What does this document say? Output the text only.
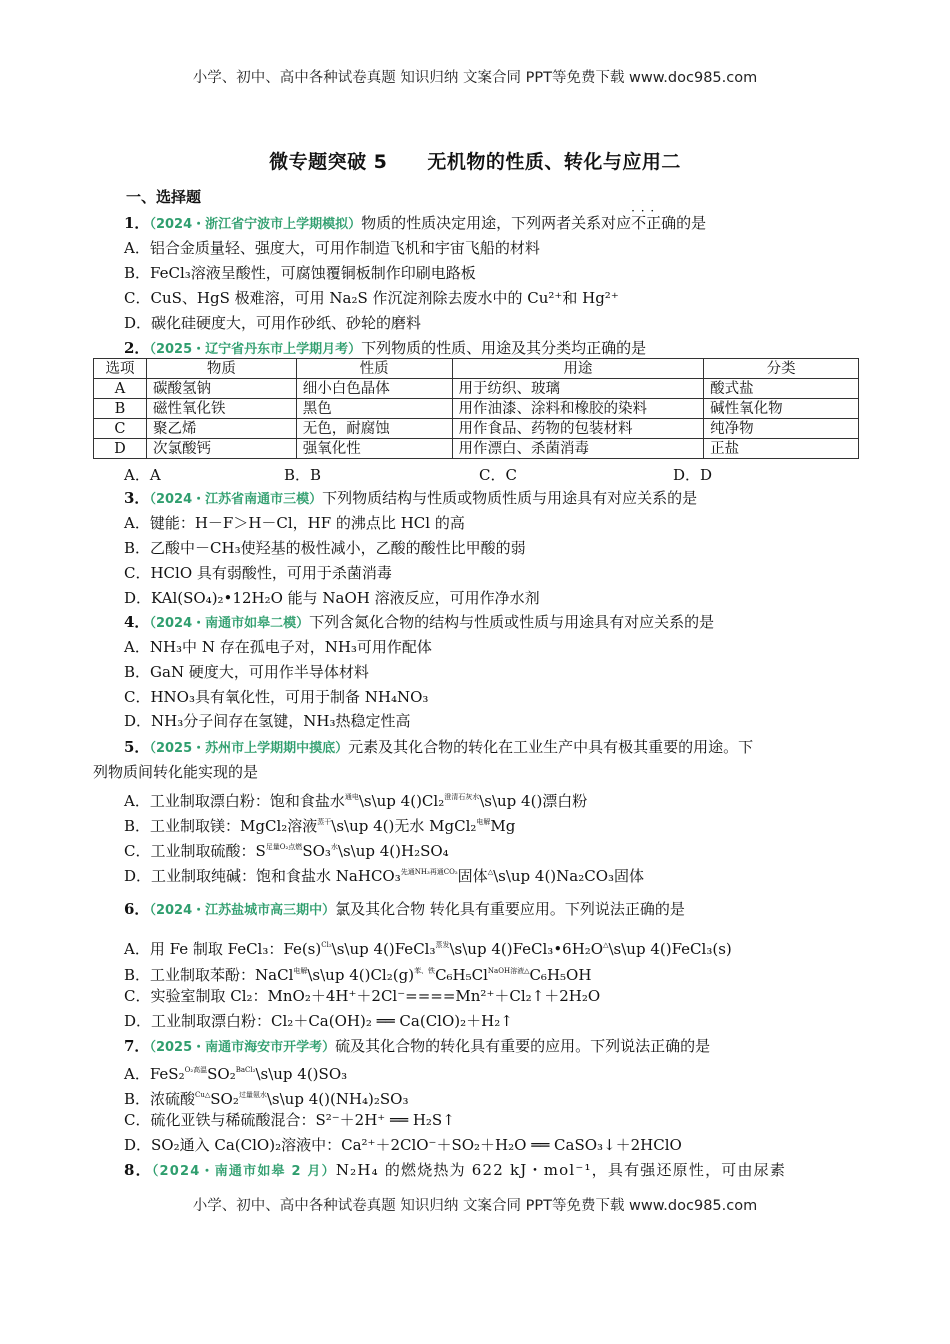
小学、初中、高中各种试卷真题 知识归纳 文案合同 PPT等免费下载 www.doc985.com
微专题突破 5 无机物的性质、转化与应用二
一、选择题
1．（2024・浙江省宁波市上学期模拟）物质的性质决定用途，下列两者关系对应· · · 不正确的是
A．铝合金质量轻、强度大，可用作制造飞机和宇宙飞船的材料
B．FeCl₃溶液呈酸性，可腐蚀覆铜板制作印刷电路板
C．CuS、HgS 极难溶，可用 Na₂S 作沉淀剂除去废水中的 Cu²⁺和 Hg²⁺
D．碳化硅硬度大，可用作砂纸、砂轮的磨料
2．（2025・辽宁省丹东市上学期月考）下列物质的性质、用途及其分类均正确的是
选项	物质	性质	用途	分类
A	碳酸氢钠	细小白色晶体	用于纺织、玻璃	酸式盐
B	磁性氧化铁	黑色	用作油漆、涂料和橡胶的染料	碱性氧化物
C	聚乙烯	无色，耐腐蚀	用作食品、药物的包装材料	纯净物
D	次氯酸钙	强氧化性	用作漂白、杀菌消毒	正盐
A．A	B．B	C．C	D．D
3．（2024・江苏省南通市三模）下列物质结构与性质或物质性质与用途具有对应关系的是
A．键能：H－F＞H－Cl，HF 的沸点比 HCl 的高
B．乙酸中－CH₃使羟基的极性减小，乙酸的酸性比甲酸的弱
C．HClO 具有弱酸性，可用于杀菌消毒
D．KAl(SO₄)₂•12H₂O 能与 NaOH 溶液反应，可用作净水剂
4．（2024・南通市如皋二模）下列含氮化合物的结构与性质或性质与用途具有对应关系的是
A．NH₃中 N 存在孤电子对，NH₃可用作配体
B．GaN 硬度大，可用作半导体材料
C．HNO₃具有氧化性，可用于制备 NH₄NO₃
D．NH₃分子间存在氢键，NH₃热稳定性高
5．（2025・苏州市上学期期中摸底）元素及其化合物的转化在工业生产中具有极其重要的用途。下
列物质间转化能实现的是
A．工业制取漂白粉：饱和食盐水$^{通电}$\s\up 4()Cl₂$^{澄清石灰水}$\s\up 4()漂白粉
B．工业制取镁：MgCl₂溶液$^{蒸干}$\s\up 4()无水 MgCl₂$^{电解}$Mg
C．工业制取硫酸：$S^{足量O_2点燃}SO_3^水\backslash s\backslash up$ 4()H₂SO₄
D．工业制取纯碱：饱和食盐水 NaHCO₃$^{先通NH_3再通CO_2}$固体△\s\up 4()Na₂CO₃固体
6．（2024・江苏盐城市高三期中）氯及其化合物 转化具有重要应用。下列说法正确的是
A．用 Fe 制取 FeCl₃：$Fe(s)^{Cl_2}\backslash s\backslash up$ 4()FeCl₃$^{蒸发}$\s\up 4()FeCl₃•6H₂O△\s\up 4()FeCl₃(s)
B．工业制取苯酚：NaCl$^{电解}$\s\up $4()Cl_2(g)^{苯、铁}C_6H_5Cl^{NaOH溶液\triangle}C_6H_5OH$
C．实验室制取 Cl₂：MnO₂＋4H⁺＋2Cl⁻====Mn²⁺＋Cl₂↑＋2H₂O
D．工业制取漂白粉：Cl₂＋Ca(OH)₂ ══ Ca(ClO)₂＋H₂↑
7．（2025・南通市海安市开学考）硫及其化合物的转化具有重要的应用。下列说法正确的是
A．FeS₂$^{O_2高温}$SO₂$^{BaCl_2}$\s\up 4()SO₃
B．浓硫酸$^{Cu\triangle}$SO₂$^{过量氨水}$\s\up 4()(NH₄)₂SO₃
C．硫化亚铁与稀硫酸混合：S²⁻＋2H⁺ ══ H₂S↑
D．SO₂通入 Ca(ClO)₂溶液中：Ca²⁺＋2ClO⁻＋SO₂＋H₂O ══ CaSO₃↓＋2HClO
8．（2024・南通市如皋 2 月）N₂H₄ 的燃烧热为 622 kJ・mol⁻¹，具有强还原性，可由尿素
小学、初中、高中各种试卷真题 知识归纳 文案合同 PPT等免费下载 www.doc985.com
